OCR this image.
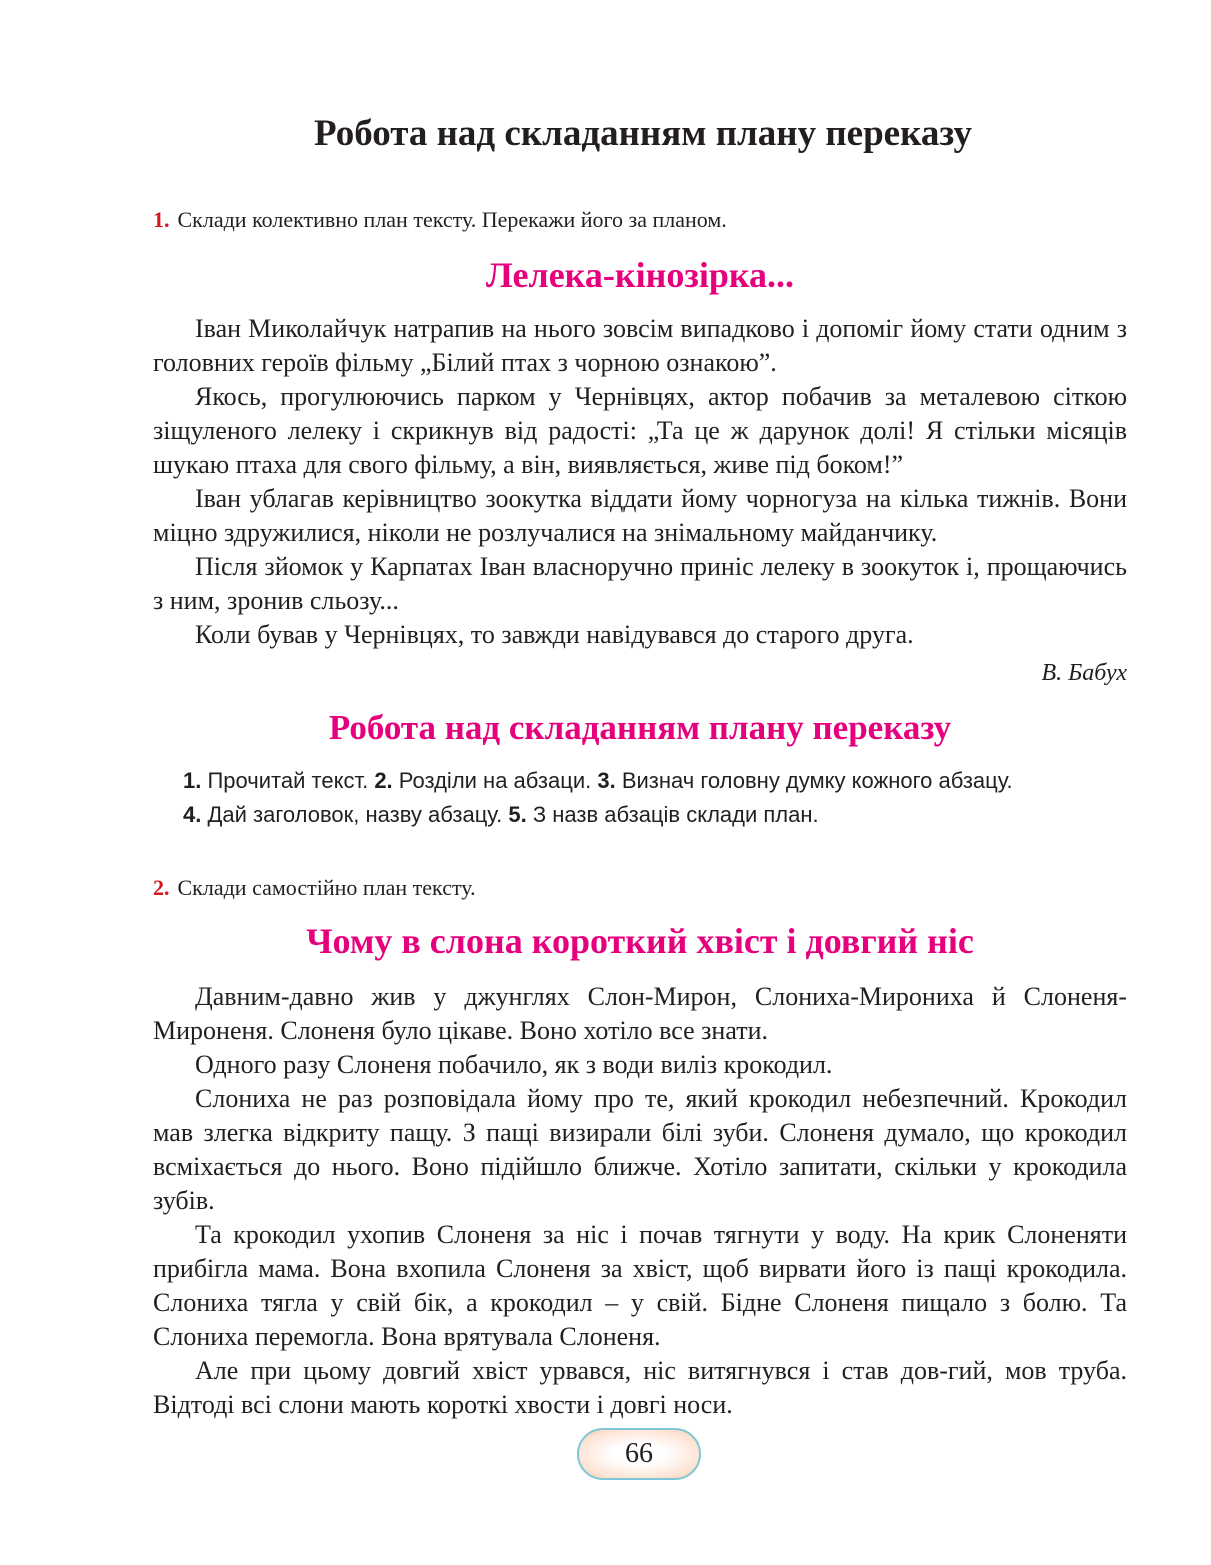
Робота над складанням плану переказу
1. Склади колективно план тексту. Перекажи його за планом.
Лелека-кінозірка...

Іван Миколайчук натрапив на нього зовсім випадково і допоміг йому стати одним з головних героїв фільму „Білий птах з чорною ознакою”.

Якось, прогулюючись парком у Чернівцях, актор побачив за металевою сіткою зіщуленого лелеку і скрикнув від радості: „Та це ж дарунок долі! Я стільки місяців шукаю птаха для свого фільму, а він, виявляється, живе під боком!”

Іван ублагав керівництво зоокутка віддати йому чорногуза на кілька тижнів. Вони міцно здружилися, ніколи не розлучалися на знімальному майданчику.

Після зйомок у Карпатах Іван власноручно приніс лелеку в зоокуток і, прощаючись з ним, зронив сльозу...

Коли бував у Чернівцях, то завжди навідувався до старого друга.

В. Бабух
Робота над складанням плану переказу
1. Прочитай текст. 2. Розділи на абзаци. 3. Визнач головну думку кожного абзацу.
4. Дай заголовок, назву абзацу. 5. З назв абзаців склади план.
2. Склади самостійно план тексту.
Чому в слона короткий хвіст і довгий ніс

Давним-давно жив у джунглях Слон-Мирон, Слониха-Мирониха й Слоненя-Мироненя. Слоненя було цікаве. Воно хотіло все знати.

Одного разу Слоненя побачило, як з води виліз крокодил.

Слониха не раз розповідала йому про те, який крокодил небезпечний. Крокодил мав злегка відкриту пащу. З пащі визирали білі зуби. Слоненя думало, що крокодил всміхається до нього. Воно підійшло ближче. Хотіло запитати, скільки у крокодила зубів.

Та крокодил ухопив Слоненя за ніс і почав тягнути у воду. На крик Слоненяти прибігла мама. Вона вхопила Слоненя за хвіст, щоб вирвати його із пащі крокодила. Слониха тягла у свій бік, а крокодил – у свій. Бідне Слоненя пищало з болю. Та Слониха перемогла. Вона врятувала Слоненя.

Але при цьому довгий хвіст урвався, ніс витягнувся і став дов-гий, мов труба. Відтоді всі слони мають короткі хвости і довгі носи.

66
